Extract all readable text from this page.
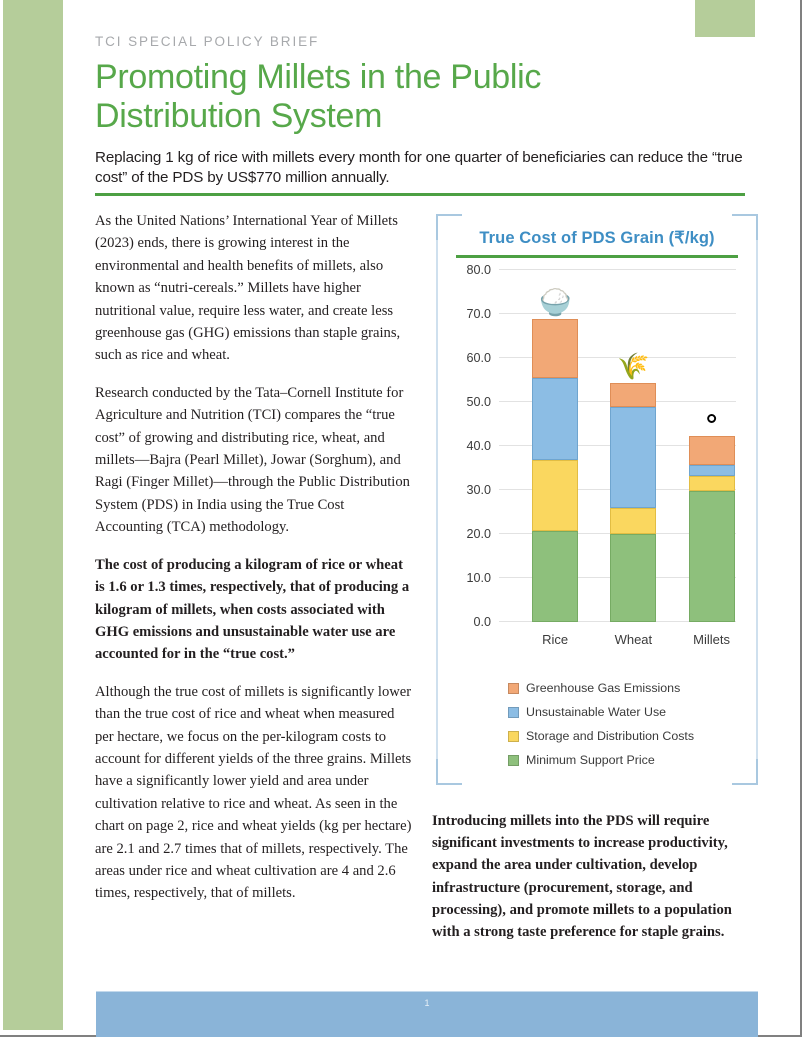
TCI SPECIAL POLICY BRIEF
Promoting Millets in the Public
Distribution System
Replacing 1 kg of rice with millets every month for one quarter of beneficiaries can reduce the “true cost” of the PDS by US$770 million annually.

As the United Nations’ International Year of Millets (2023) ends, there is growing interest in the environmental and health benefits of millets, also known as “nutri-cereals.” Millets have higher nutritional value, require less water, and create less greenhouse gas (GHG) emissions than staple grains, such as rice and wheat.

Research conducted by the Tata–Cornell Institute for Agriculture and Nutrition (TCI) compares the “true cost” of growing and distributing rice, wheat, and millets—Bajra (Pearl Millet), Jowar (Sorghum), and Ragi (Finger Millet)—through the Public Distribution System (PDS) in India using the True Cost Accounting (TCA) methodology.

The cost of producing a kilogram of rice or wheat is 1.6 or 1.3 times, respectively, that of producing a kilogram of millets, when costs associated with GHG emissions and unsustainable water use are accounted for in the “true cost.”

Although the true cost of millets is significantly lower than the true cost of rice and wheat when measured per hectare, we focus on the per-kilogram costs to account for different yields of the three grains. Millets have a significantly lower yield and area under cultivation relative to rice and wheat. As seen in the chart on page 2, rice and wheat yields (kg per hectare) are 2.1 and 2.7 times that of millets, respectively. The areas under rice and wheat cultivation are 4 and 2.6 times, respectively, that of millets.

True Cost of PDS Grain (₹/kg)
0.0
10.0
20.0
30.0
40.0
50.0
60.0
70.0
80.0
Rice
🍚
Wheat
🌾
Millets
⚬
Greenhouse Gas Emissions
Unsustainable Water Use
Storage and Distribution Costs
Minimum Support Price
Introducing millets into the PDS will require significant investments to increase productivity, expand the area under cultivation, develop infrastructure (procurement, storage, and processing), and promote millets to a population with a strong taste preference for staple grains.
1
